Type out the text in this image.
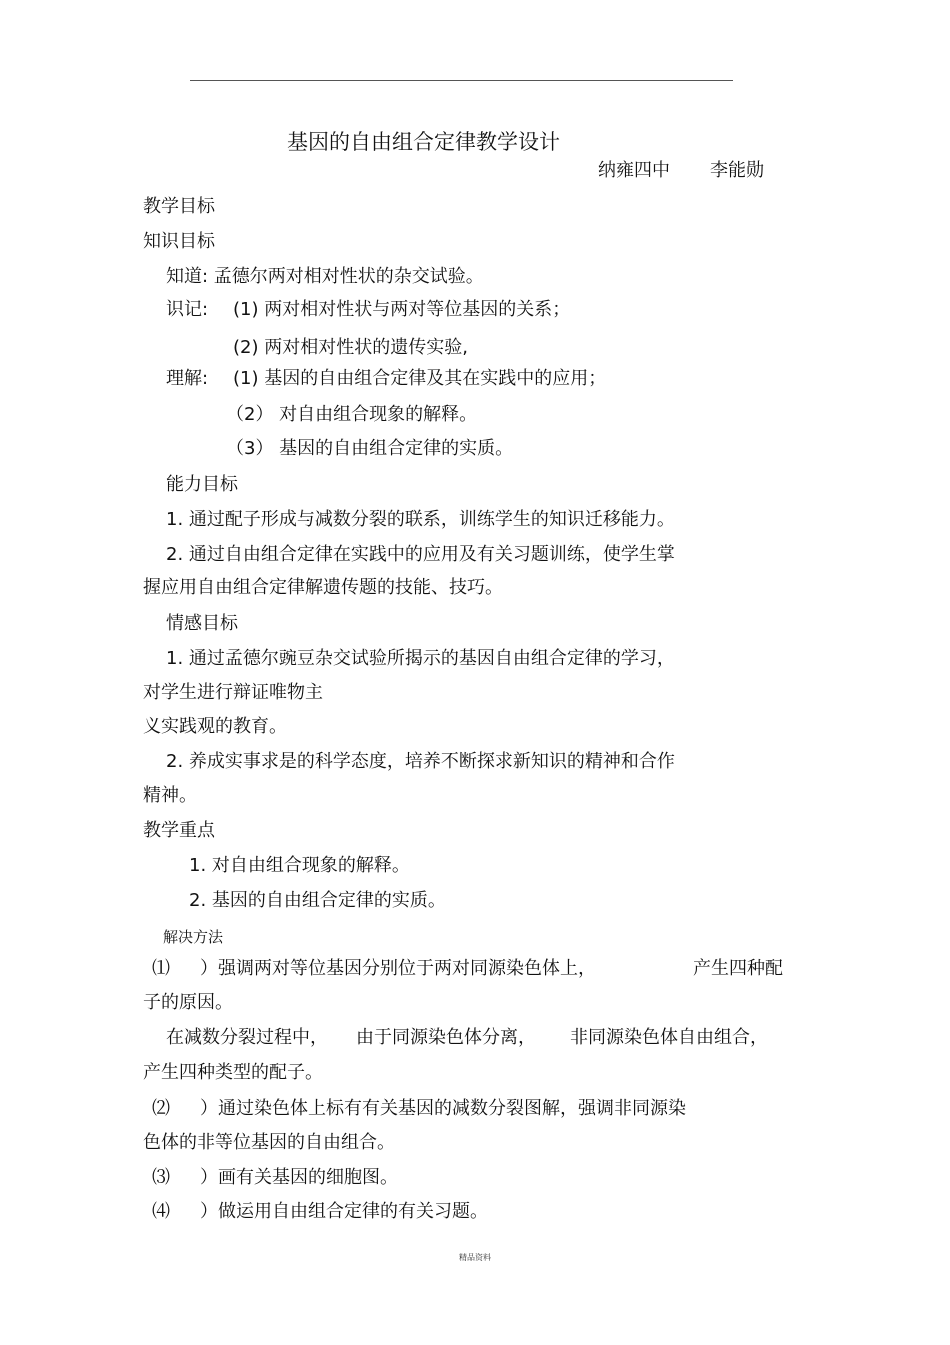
基因的自由组合定律教学设计
纳雍四中 李能勋
教学目标
知识目标
知道: 孟德尔两对相对性状的杂交试验。
识记: (1) 两对相对性状与两对等位基因的关系；
(2) 两对相对性状的遗传实验,
理解: (1) 基因的自由组合定律及其在实践中的应用；
（2） 对自由组合现象的解释。
（3） 基因的自由组合定律的实质。
能力目标
1. 通过配子形成与减数分裂的联系，训练学生的知识迁移能力。
2. 通过自由组合定律在实践中的应用及有关习题训练，使学生掌
握应用自由组合定律解遗传题的技能、技巧。
情感目标
1. 通过孟德尔豌豆杂交试验所揭示的基因自由组合定律的学习，
对学生进行辩证唯物主
义实践观的教育。
2. 养成实事求是的科学态度，培养不断探求新知识的精神和合作
精神。
教学重点
1. 对自由组合现象的解释。
2. 基因的自由组合定律的实质。
解决方法
⑴ ）强调两对等位基因分别位于两对同源染色体上，	产生四种配
子的原因。
在减数分裂过程中， 由于同源染色体分离， 非同源染色体自由组合，
产生四种类型的配子。
⑵ ）通过染色体上标有有关基因的减数分裂图解，强调非同源染
色体的非等位基因的自由组合。
⑶ ）画有关基因的细胞图。
⑷ ）做运用自由组合定律的有关习题。
精品资料
